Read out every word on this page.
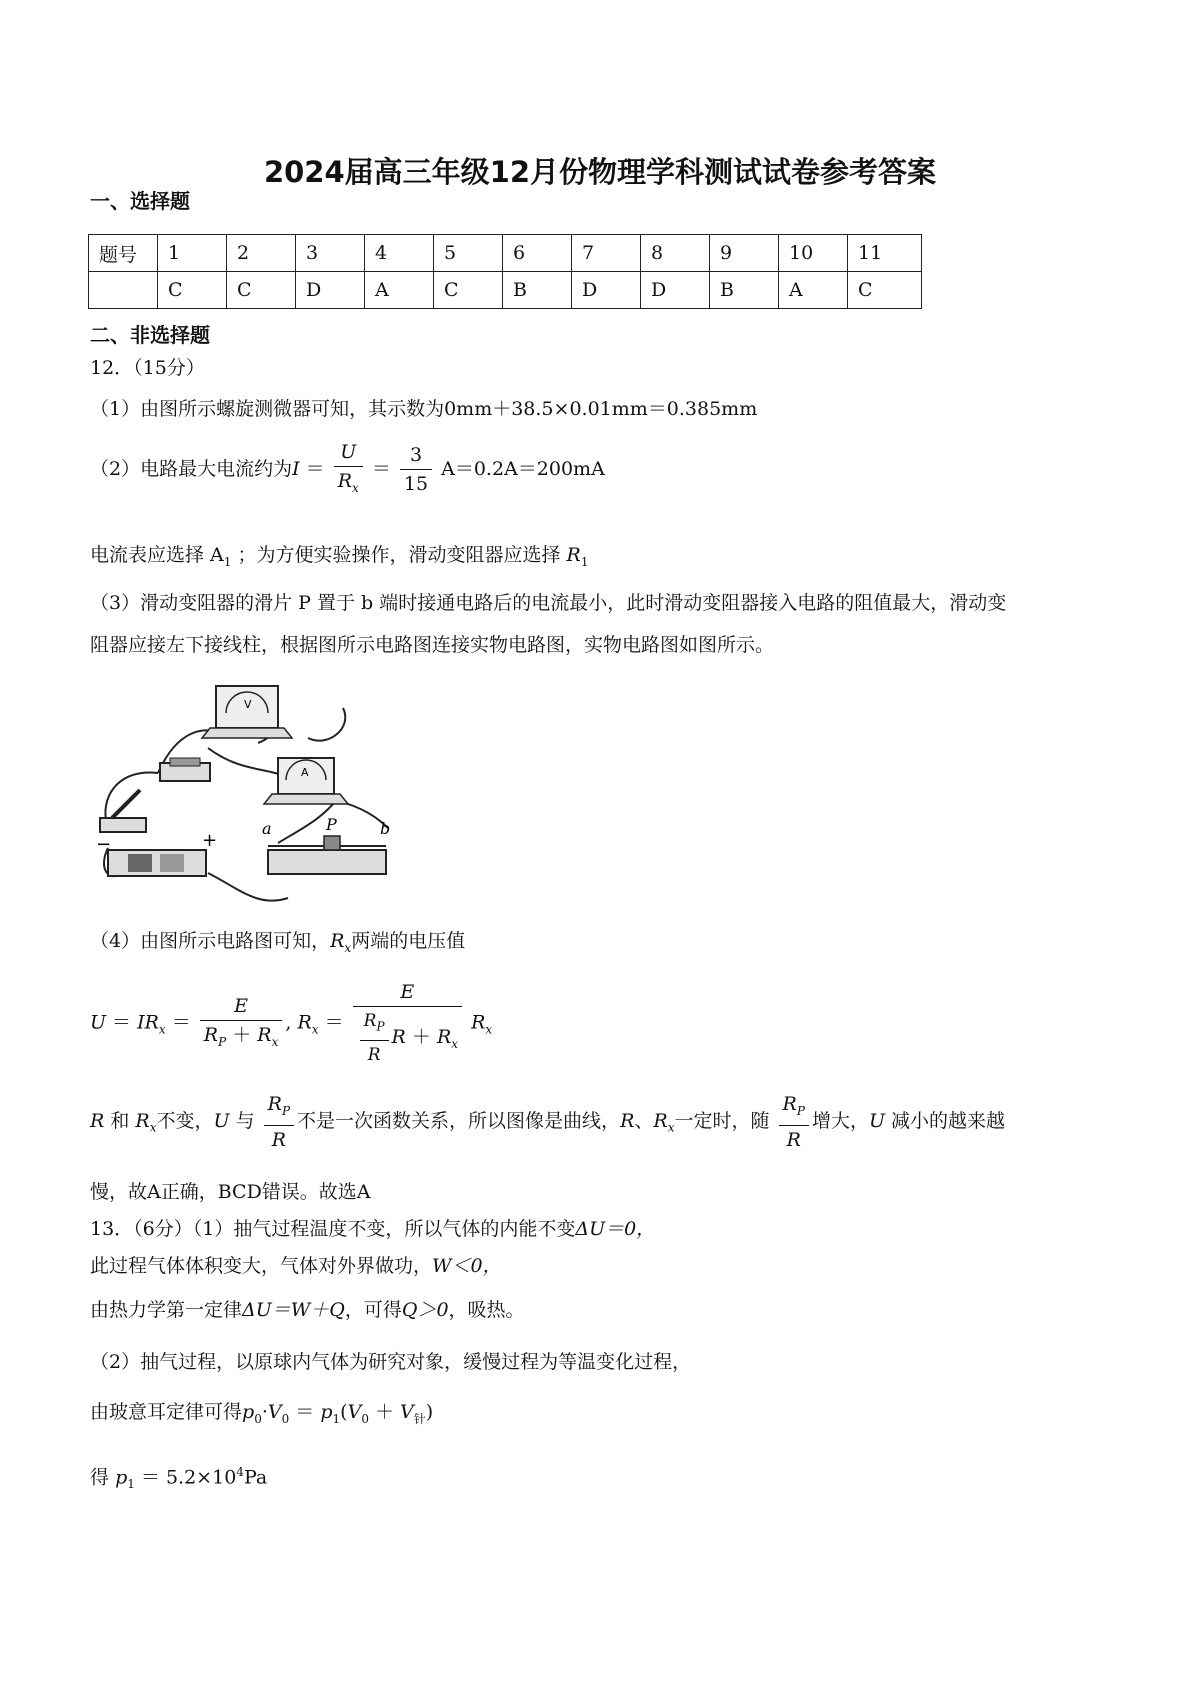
2024届高三年级12月份物理学科测试试卷参考答案
一、选择题
题号	1	2	3	4	5	6	7	8	9	10	11
	C	C	D	A	C	B	D	D	B	A	C
二、非选择题
12．（15分）
（1）由图所示螺旋测微器可知，其示数为0mm＋38.5×0.01mm＝0.385mm
（2）电路最大电流约为$I = \frac{U}{R_x} = \frac{3}{15} A=0.2A=200mA$
电流表应选择 $A_1$ ；为方便实验操作，滑动变阻器应选择 $R_1$
（3）滑动变阻器的滑片 P 置于 b 端时接通电路后的电流最小，此时滑动变阻器接入电路的阻值最大，滑动变
阻器应接左下接线柱，根据图所示电路图连接实物电路图，实物电路图如图所示。
V
A
−	+
a	P	b
（4）由图所示电路图可知，$R_x$两端的电压值
$U = IR_x = \frac{E}{R_P + R_x}$ , $R_x = \frac{E}{\frac{R_P}{R} R + R_x} R_x$
R 和 $R_x$不变，U 与 $\frac{R_P}{R}$ 不是一次函数关系，所以图像是曲线，R、$R_x$一定时，随 $\frac{R_P}{R}$ 增大，U 减小的越来越
慢，故A正确，BCD错误。故选A
13．（6分）（1）抽气过程温度不变，所以气体的内能不变ΔU＝0，
此过程气体体积变大，气体对外界做功，W＜0，
由热力学第一定律ΔU＝W＋Q，可得Q＞0，吸热。
（2）抽气过程，以原球内气体为研究对象，缓慢过程为等温变化过程，
由玻意耳定律可得$p_0\cdot V_0 = p_1(V_0 + V_针)$
得 $p_1 = 5.2\times 10^4Pa$
